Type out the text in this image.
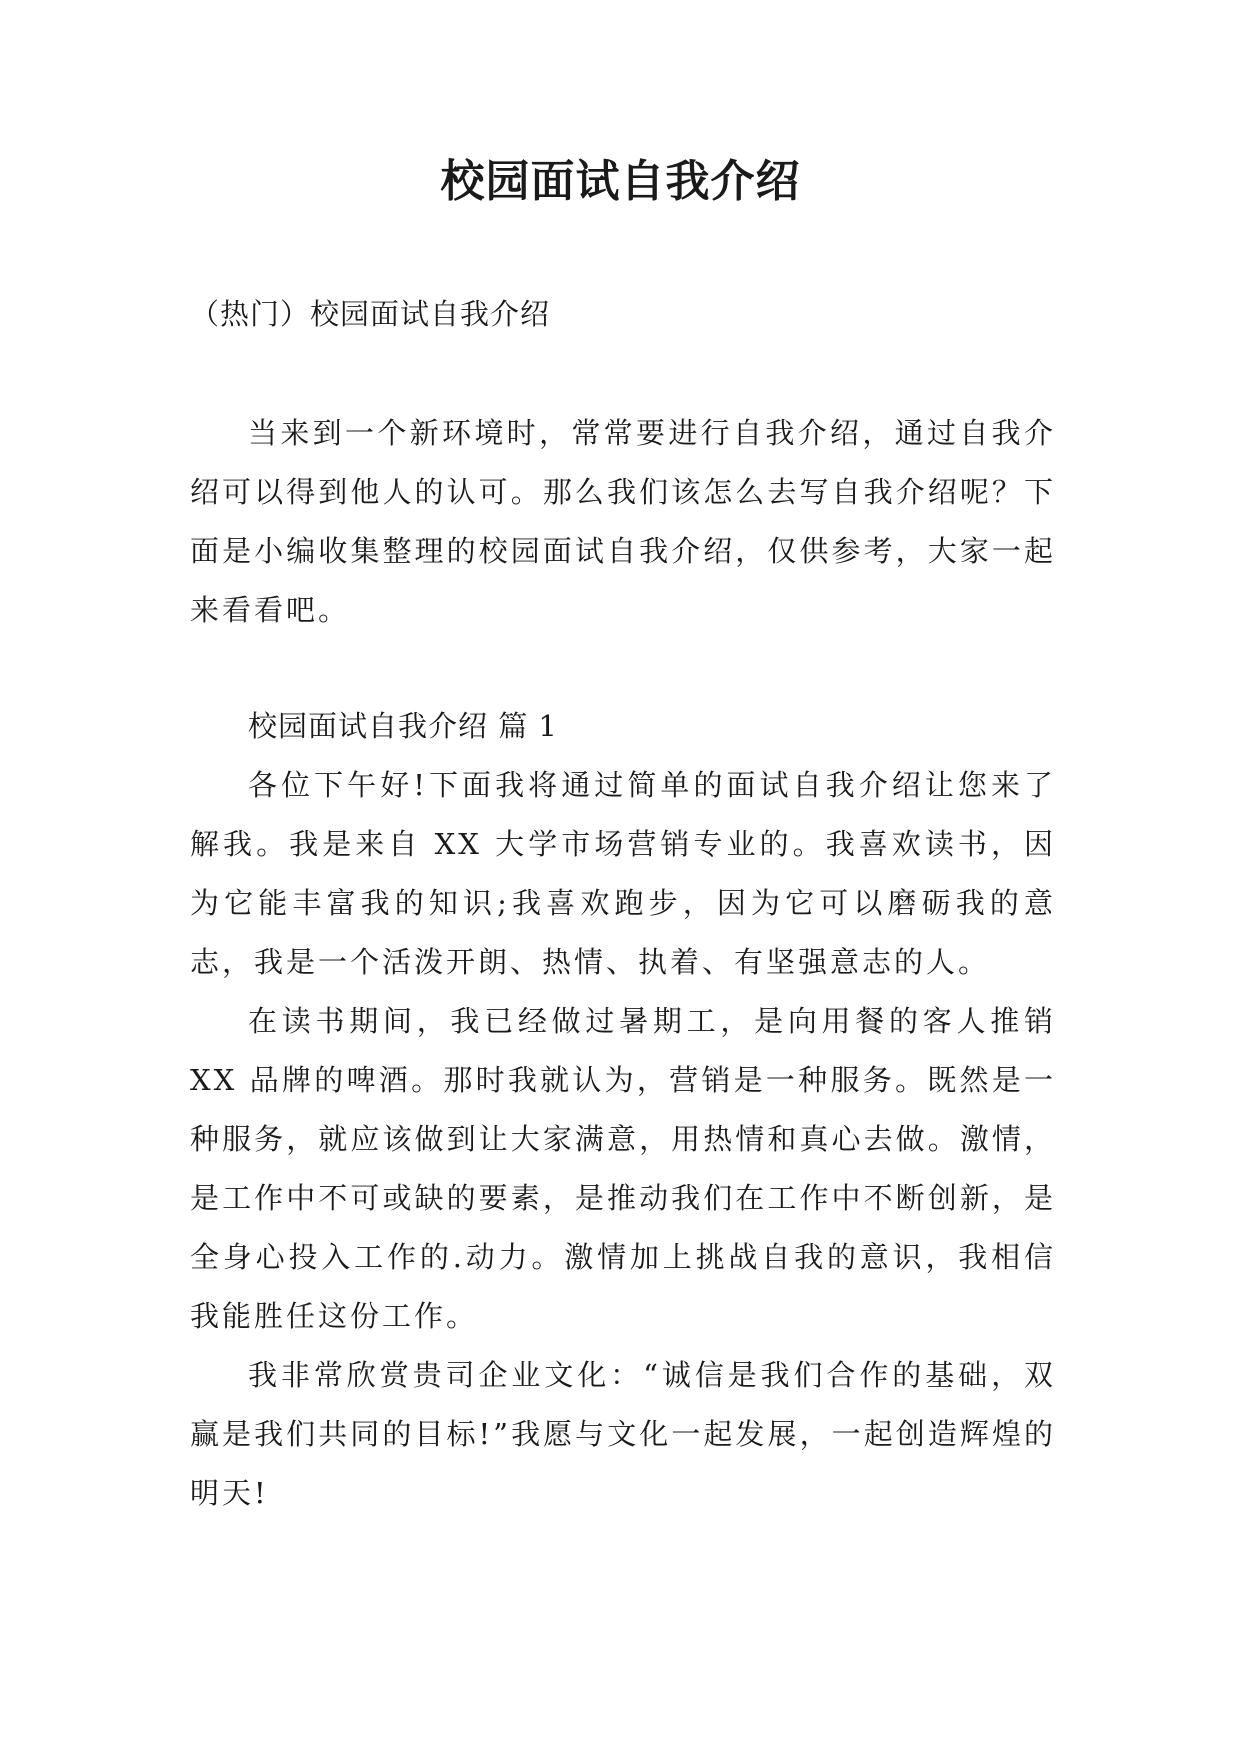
校园面试自我介绍

（热门）校园面试自我介绍

当来到一个新环境时，常常要进行自我介绍，通过自我介绍可以得到他人的认可。那么我们该怎么去写自我介绍呢？下面是小编收集整理的校园面试自我介绍，仅供参考，大家一起来看看吧。

校园面试自我介绍 篇 1

各位下午好!下面我将通过简单的面试自我介绍让您来了解我。我是来自 XX 大学市场营销专业的。我喜欢读书，因为它能丰富我的知识;我喜欢跑步，因为它可以磨砺我的意志，我是一个活泼开朗、热情、执着、有坚强意志的人。

在读书期间，我已经做过暑期工，是向用餐的客人推销 XX 品牌的啤酒。那时我就认为，营销是一种服务。既然是一种服务，就应该做到让大家满意，用热情和真心去做。激情，是工作中不可或缺的要素，是推动我们在工作中不断创新，是全身心投入工作的.动力。激情加上挑战自我的意识，我相信我能胜任这份工作。

我非常欣赏贵司企业文化：“诚信是我们合作的基础，双赢是我们共同的目标!”我愿与文化一起发展，一起创造辉煌的明天!
